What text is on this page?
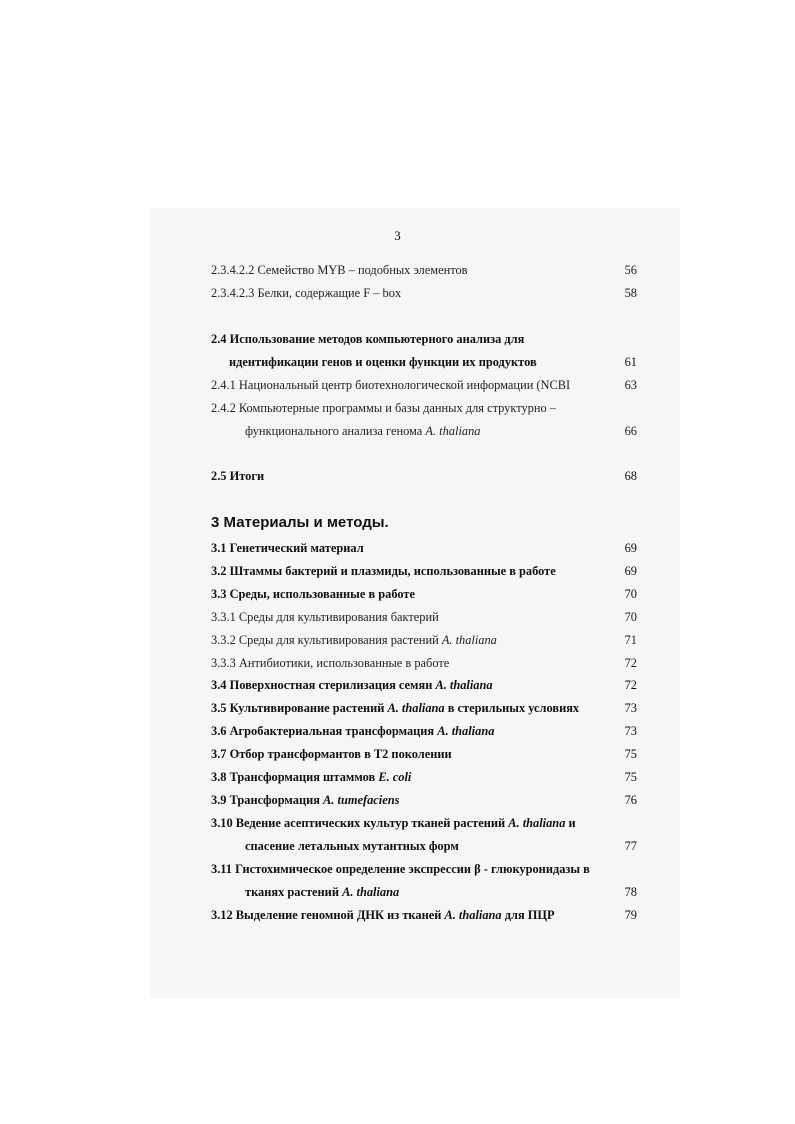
3
2.3.4.2.2 Семейство MYB – подобных элементов	56
2.3.4.2.3 Белки, содержащие F – box	58
2.4 Использование методов компьютерного анализа для
идентификации генов и оценки функции их продуктов	61
2.4.1 Национальный центр биотехнологической информации (NCBI	63
2.4.2 Компьютерные программы и базы данных для структурно –
функционального анализа генома A. thaliana	66
2.5 Итоги	68
3 Материалы и методы.
3.1 Генетический материал	69
3.2 Штаммы бактерий и плазмиды, использованные в работе	69
3.3 Среды, использованные в работе	70
3.3.1 Среды для культивирования бактерий	70
3.3.2 Среды для культивирования растений A. thaliana	71
3.3.3 Антибиотики, использованные в работе	72
3.4 Поверхностная стерилизация семян A. thaliana	72
3.5 Культивирование растений A. thaliana в стерильных условиях	73
3.6 Агробактериальная трансформация A. thaliana	73
3.7 Отбор трансформантов в Т2 поколении	75
3.8 Трансформация штаммов E. coli	75
3.9 Трансформация A. tumefaciens	76
3.10 Ведение асептических культур тканей растений A. thaliana и
спасение летальных мутантных форм	77
3.11 Гистохимическое определение экспрессии β - глюкуронидазы в
тканях растений A. thaliana	78
3.12 Выделение геномной ДНК из тканей A. thaliana для ПЦР	79
